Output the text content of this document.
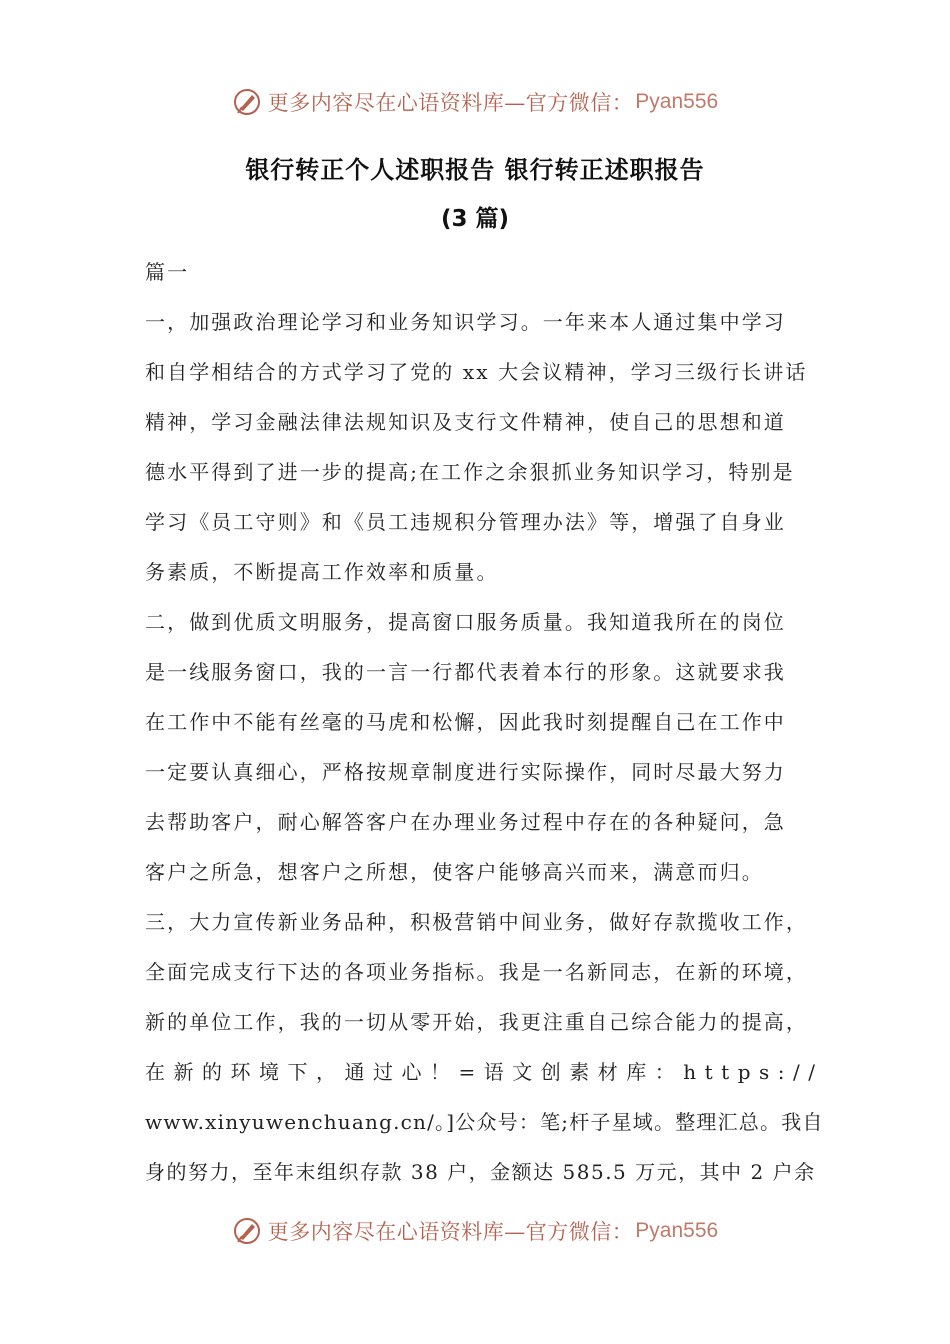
更多内容尽在心语资料库—官方微信： Pyan556
银行转正个人述职报告 银行转正述职报告
(3 篇)
篇一
一，加强政治理论学习和业务知识学习。一年来本人通过集中学习
和自学相结合的方式学习了党的 xx 大会议精神，学习三级行长讲话
精神，学习金融法律法规知识及支行文件精神，使自己的思想和道
德水平得到了进一步的提高;在工作之余狠抓业务知识学习，特别是
学习《员工守则》和《员工违规积分管理办法》等，增强了自身业
务素质，不断提高工作效率和质量。
二，做到优质文明服务，提高窗口服务质量。我知道我所在的岗位
是一线服务窗口，我的一言一行都代表着本行的形象。这就要求我
在工作中不能有丝毫的马虎和松懈，因此我时刻提醒自己在工作中
一定要认真细心，严格按规章制度进行实际操作，同时尽最大努力
去帮助客户，耐心解答客户在办理业务过程中存在的各种疑问，急
客户之所急，想客户之所想，使客户能够高兴而来，满意而归。
三，大力宣传新业务品种，积极营销中间业务，做好存款揽收工作，
全面完成支行下达的各项业务指标。我是一名新同志，在新的环境，
新的单位工作，我的一切从零开始，我更注重自己综合能力的提高，
在新的环境下，通过心！=语文创素材库：https://
www.xinyuwenchuang.cn/。]公众号：笔;杆子星域。整理汇总。我自
身的努力，至年末组织存款 38 户，金额达 585.5 万元，其中 2 户余
更多内容尽在心语资料库—官方微信： Pyan556
